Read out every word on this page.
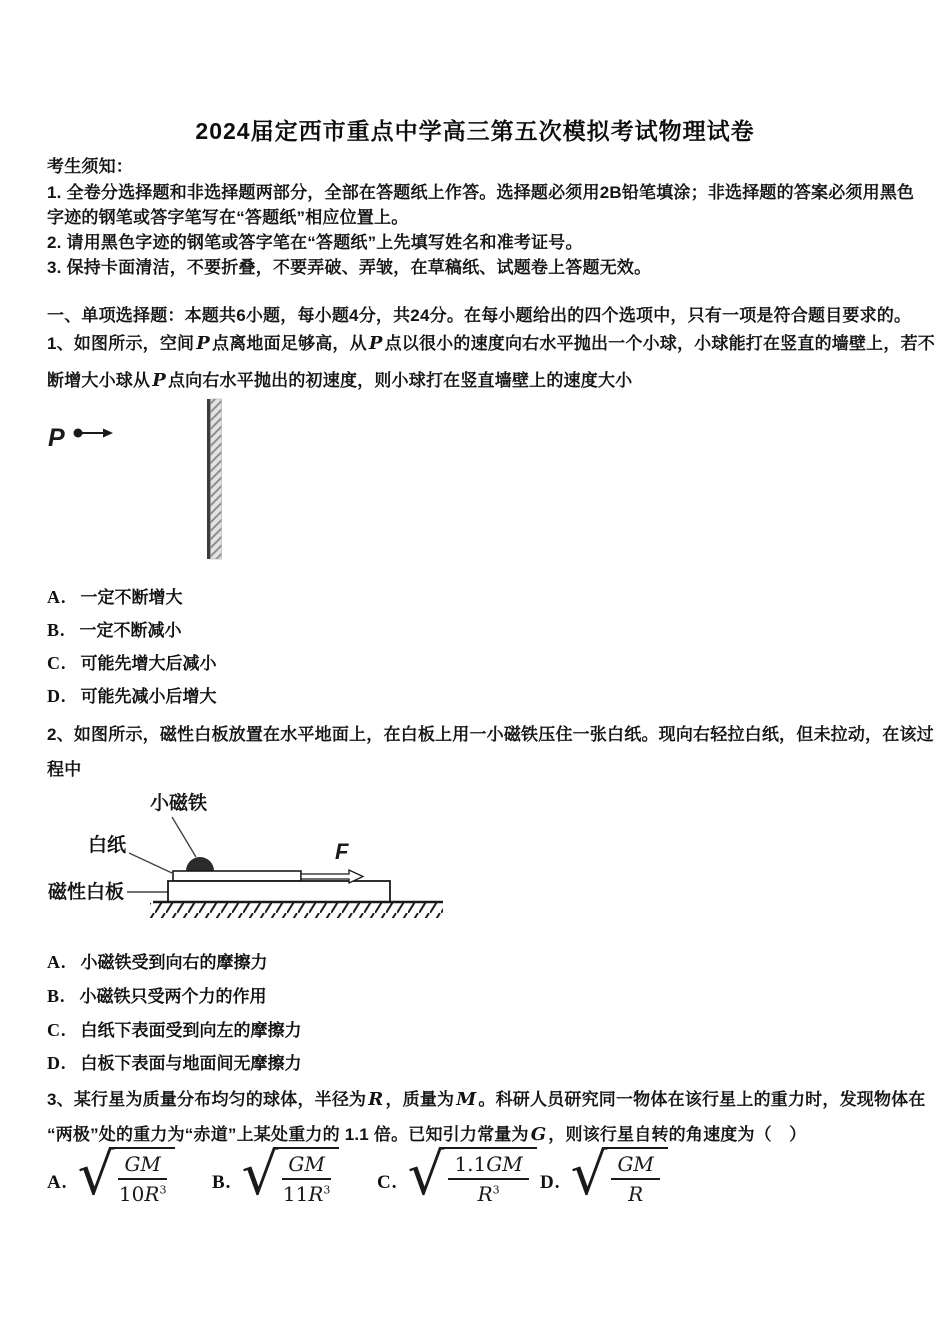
2024届定西市重点中学高三第五次模拟考试物理试卷
考生须知：
1. 全卷分选择题和非选择题两部分，全部在答题纸上作答。选择题必须用2B铅笔填涂；非选择题的答案必须用黑色
字迹的钢笔或答字笔写在“答题纸”相应位置上。
2. 请用黑色字迹的钢笔或答字笔在“答题纸”上先填写姓名和准考证号。
3. 保持卡面清洁，不要折叠，不要弄破、弄皱，在草稿纸、试题卷上答题无效。
一、单项选择题：本题共6小题，每小题4分，共24分。在每小题给出的四个选项中，只有一项是符合题目要求的。
1、如图所示，空间 P 点离地面足够高，从 P 点以很小的速度向右水平抛出一个小球，小球能打在竖直的墙壁上，若不
断增大小球从 P 点向右水平抛出的初速度，则小球打在竖直墙壁上的速度大小
P
A. 一定不断增大
B. 一定不断减小
C. 可能先增大后减小
D. 可能先减小后增大
2、如图所示，磁性白板放置在水平地面上，在白板上用一小磁铁压住一张白纸。现向右轻拉白纸，但未拉动，在该过
程中
小磁铁
白纸
磁性白板
F
A. 小磁铁受到向右的摩擦力
B. 小磁铁只受两个力的作用
C. 白纸下表面受到向左的摩擦力
D. 白板下表面与地面间无摩擦力
3、某行星为质量分布均匀的球体，半径为 R ，质量为 M 。科研人员研究同一物体在该行星上的重力时，发现物体在
“两极”处的重力为“赤道”上某处重力的 1.1 倍。已知引力常量为 G ，则该行星自转的角速度为（　）
A. √
$\frac{GM}{10R^3} B$. √
$\frac{GM}{11R^3} C$. √
$\frac{1.1GM}{R^3} D$. √
$\frac{GM}{R}$
